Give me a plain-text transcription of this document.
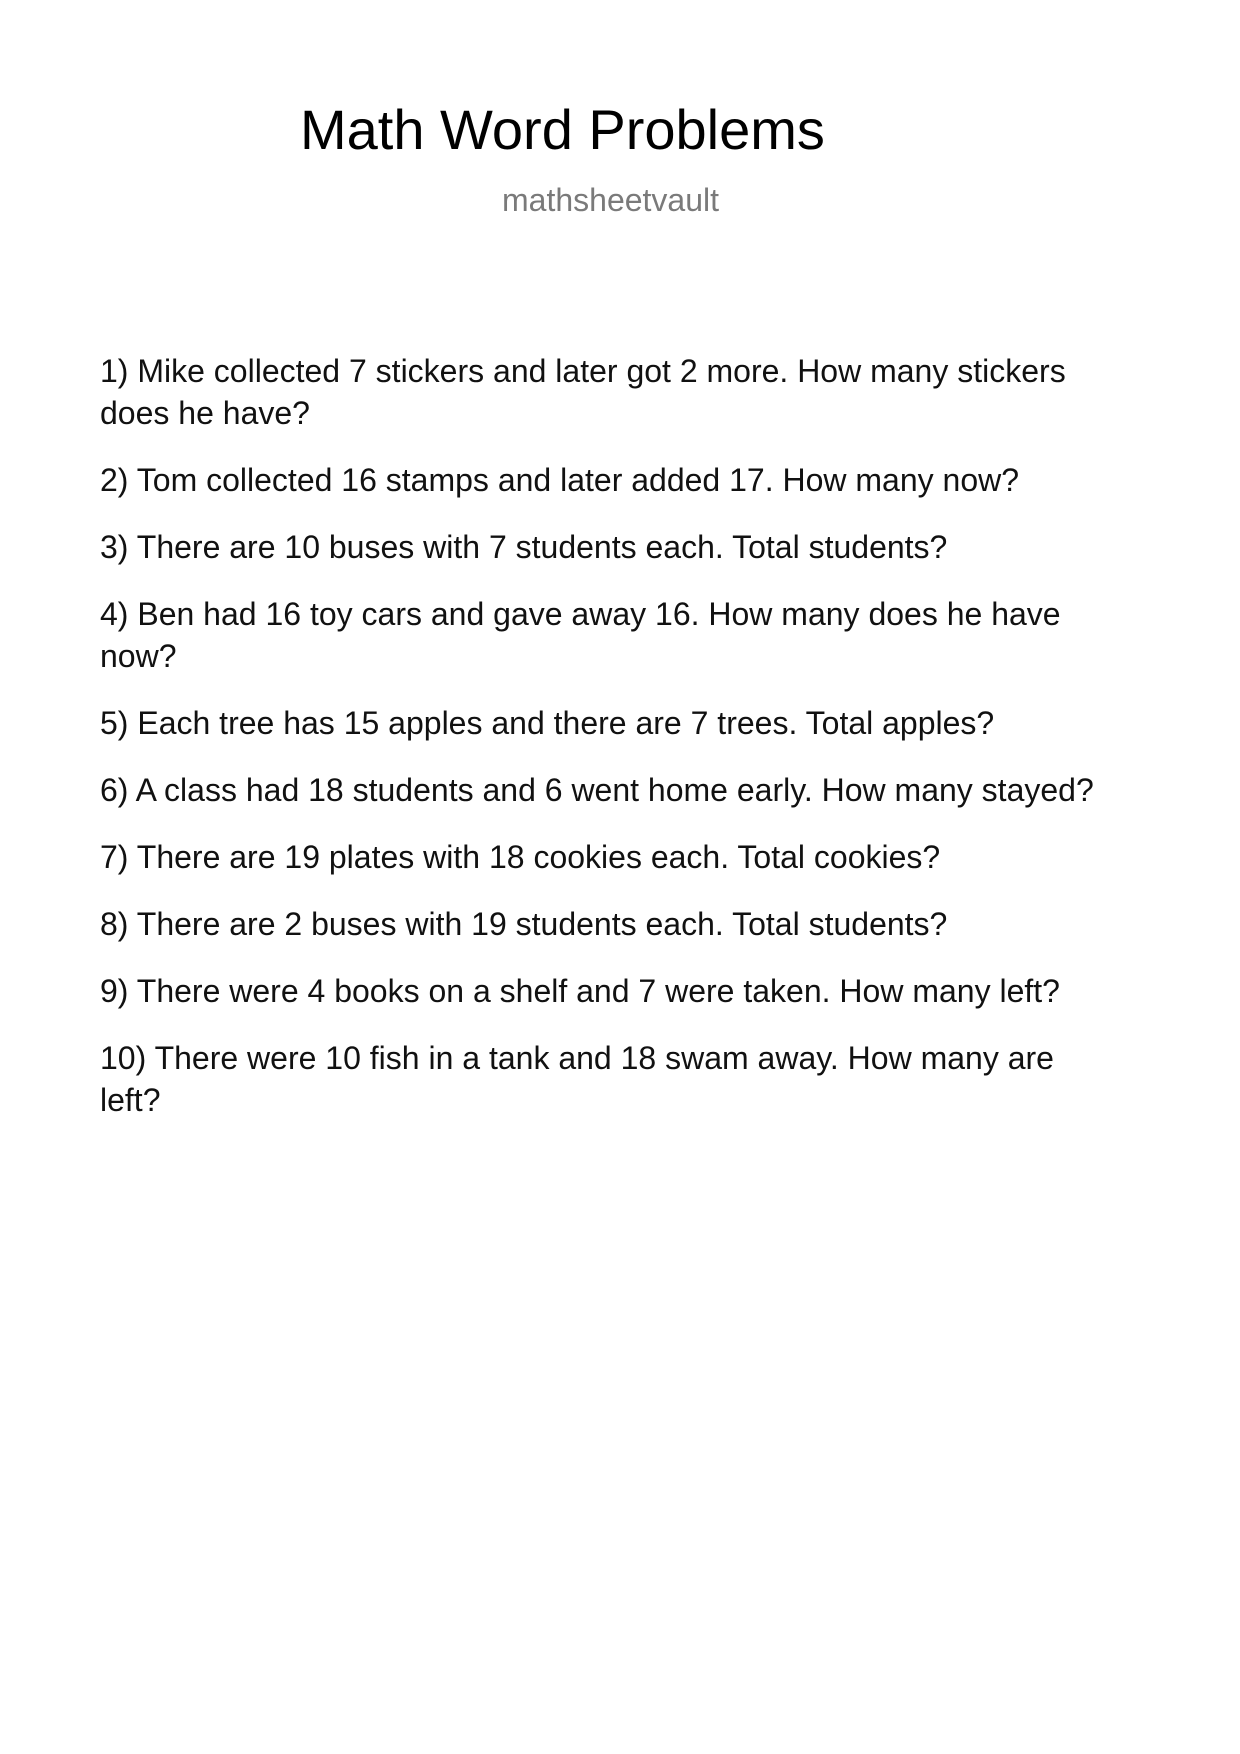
Math Word Problems
mathsheetvault
1) Mike collected 7 stickers and later got 2 more. How many stickers does he have?
2) Tom collected 16 stamps and later added 17. How many now?
3) There are 10 buses with 7 students each. Total students?
4) Ben had 16 toy cars and gave away 16. How many does he have now?
5) Each tree has 15 apples and there are 7 trees. Total apples?
6) A class had 18 students and 6 went home early. How many stayed?
7) There are 19 plates with 18 cookies each. Total cookies?
8) There are 2 buses with 19 students each. Total students?
9) There were 4 books on a shelf and 7 were taken. How many left?
10) There were 10 fish in a tank and 18 swam away. How many are left?
